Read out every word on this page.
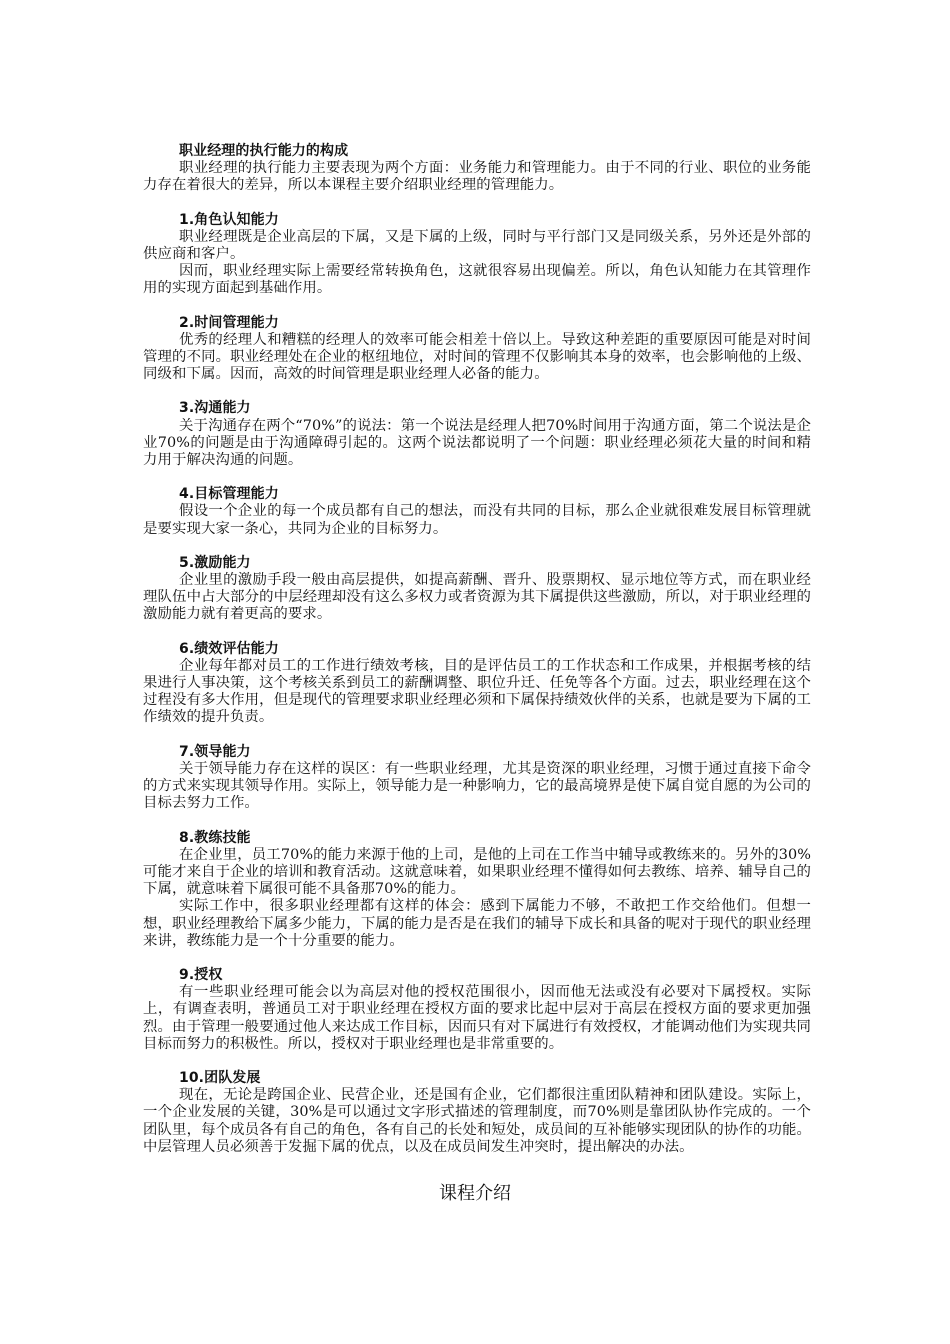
职业经理的执行能力的构成

职业经理的执行能力主要表现为两个方面：业务能力和管理能力。由于不同的行业、职位的业务能力存在着很大的差异，所以本课程主要介绍职业经理的管理能力。

1.角色认知能力

职业经理既是企业高层的下属，又是下属的上级，同时与平行部门又是同级关系，另外还是外部的供应商和客户。

因而，职业经理实际上需要经常转换角色，这就很容易出现偏差。所以，角色认知能力在其管理作用的实现方面起到基础作用。

2.时间管理能力

优秀的经理人和糟糕的经理人的效率可能会相差十倍以上。导致这种差距的重要原因可能是对时间管理的不同。职业经理处在企业的枢纽地位，对时间的管理不仅影响其本身的效率，也会影响他的上级、同级和下属。因而，高效的时间管理是职业经理人必备的能力。

3.沟通能力

关于沟通存在两个“70%”的说法：第一个说法是经理人把70%时间用于沟通方面，第二个说法是企业70%的问题是由于沟通障碍引起的。这两个说法都说明了一个问题：职业经理必须花大量的时间和精力用于解决沟通的问题。

4.目标管理能力

假设一个企业的每一个成员都有自己的想法，而没有共同的目标，那么企业就很难发展目标管理就是要实现大家一条心，共同为企业的目标努力。

5.激励能力

企业里的激励手段一般由高层提供，如提高薪酬、晋升、股票期权、显示地位等方式，而在职业经理队伍中占大部分的中层经理却没有这么多权力或者资源为其下属提供这些激励，所以，对于职业经理的激励能力就有着更高的要求。

6.绩效评估能力

企业每年都对员工的工作进行绩效考核，目的是评估员工的工作状态和工作成果，并根据考核的结果进行人事决策，这个考核关系到员工的薪酬调整、职位升迁、任免等各个方面。过去，职业经理在这个过程没有多大作用，但是现代的管理要求职业经理必须和下属保持绩效伙伴的关系，也就是要为下属的工作绩效的提升负责。

7.领导能力

关于领导能力存在这样的误区：有一些职业经理，尤其是资深的职业经理，习惯于通过直接下命令的方式来实现其领导作用。实际上，领导能力是一种影响力，它的最高境界是使下属自觉自愿的为公司的目标去努力工作。

8.教练技能

在企业里，员工70%的能力来源于他的上司，是他的上司在工作当中辅导或教练来的。另外的30%可能才来自于企业的培训和教育活动。这就意味着，如果职业经理不懂得如何去教练、培养、辅导自己的下属，就意味着下属很可能不具备那70%的能力。

实际工作中，很多职业经理都有这样的体会：感到下属能力不够，不敢把工作交给他们。但想一想，职业经理教给下属多少能力，下属的能力是否是在我们的辅导下成长和具备的呢对于现代的职业经理来讲，教练能力是一个十分重要的能力。

9.授权

有一些职业经理可能会以为高层对他的授权范围很小，因而他无法或没有必要对下属授权。实际上，有调查表明，普通员工对于职业经理在授权方面的要求比起中层对于高层在授权方面的要求更加强烈。由于管理一般要通过他人来达成工作目标，因而只有对下属进行有效授权，才能调动他们为实现共同目标而努力的积极性。所以，授权对于职业经理也是非常重要的。

10.团队发展

现在，无论是跨国企业、民营企业，还是国有企业，它们都很注重团队精神和团队建设。实际上，一个企业发展的关键，30%是可以通过文字形式描述的管理制度，而70%则是靠团队协作完成的。一个团队里，每个成员各有自己的角色，各有自己的长处和短处，成员间的互补能够实现团队的协作的功能。中层管理人员必须善于发掘下属的优点，以及在成员间发生冲突时，提出解决的办法。

课程介绍
